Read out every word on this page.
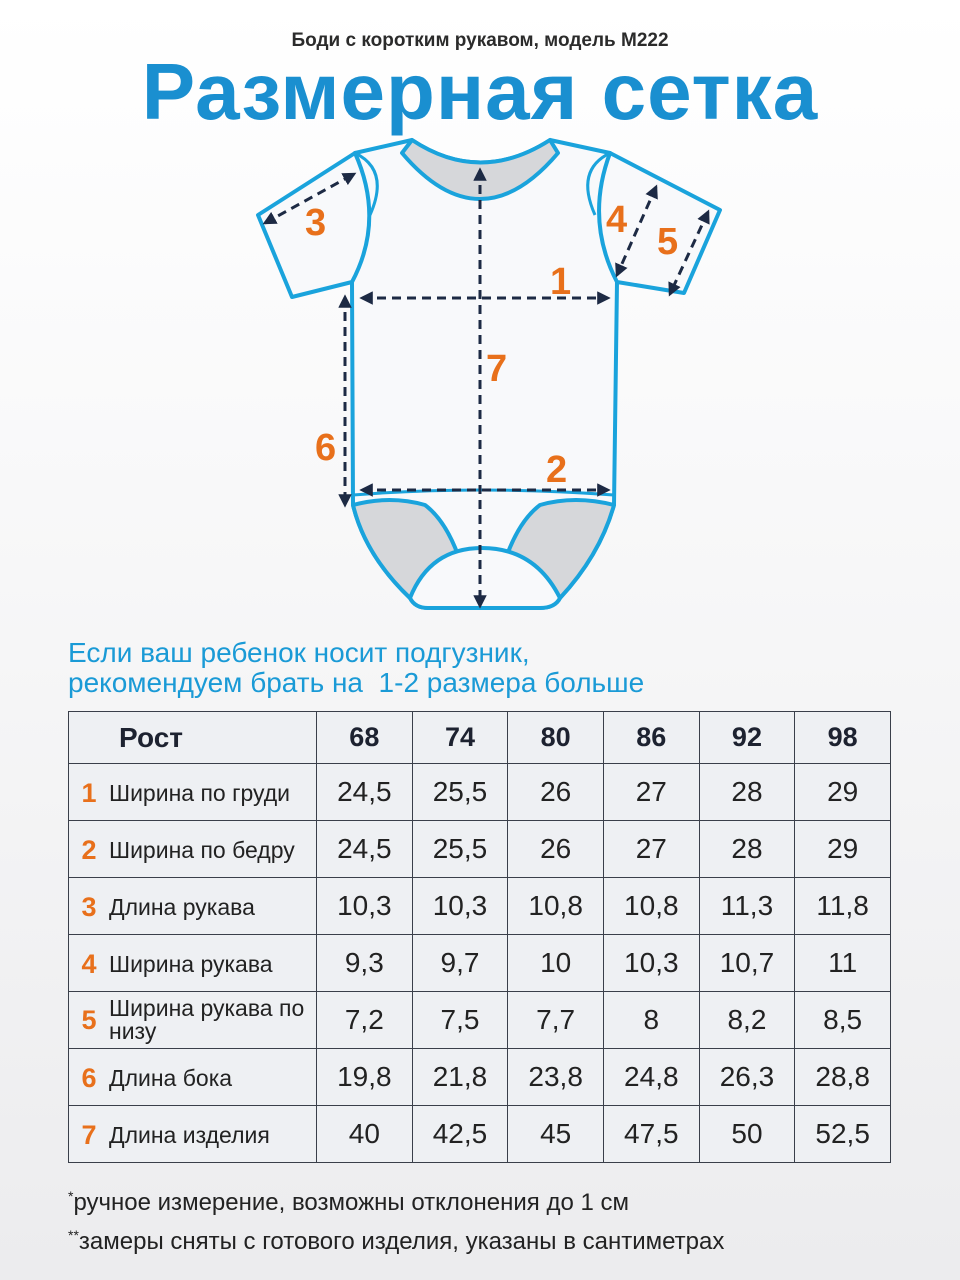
Боди с коротким рукавом, модель М222
Размерная сетка
1
2
3	4
5
6
7
Если ваш ребенок носит подгузник,
рекомендуем брать на  1-2 размера больше
Рост	68	74	80	86	92	98
1 Ширина по груди	24,5	25,5	26	27	28	29
2 Ширина по бедру	24,5	25,5	26	27	28	29
3 Длина рукава	10,3	10,3	10,8	10,8	11,3	11,8
4 Ширина рукава	9,3	9,7	10	10,3	10,7	11
5 Ширина рукава по низу	7,2	7,5	7,7	8	8,2	8,5
6 Длина бока	19,8	21,8	23,8	24,8	26,3	28,8
7 Длина изделия	40	42,5	45	47,5	50	52,5
*ручное измерение, возможны отклонения до 1 см
**замеры сняты с готового изделия, указаны в сантиметрах
